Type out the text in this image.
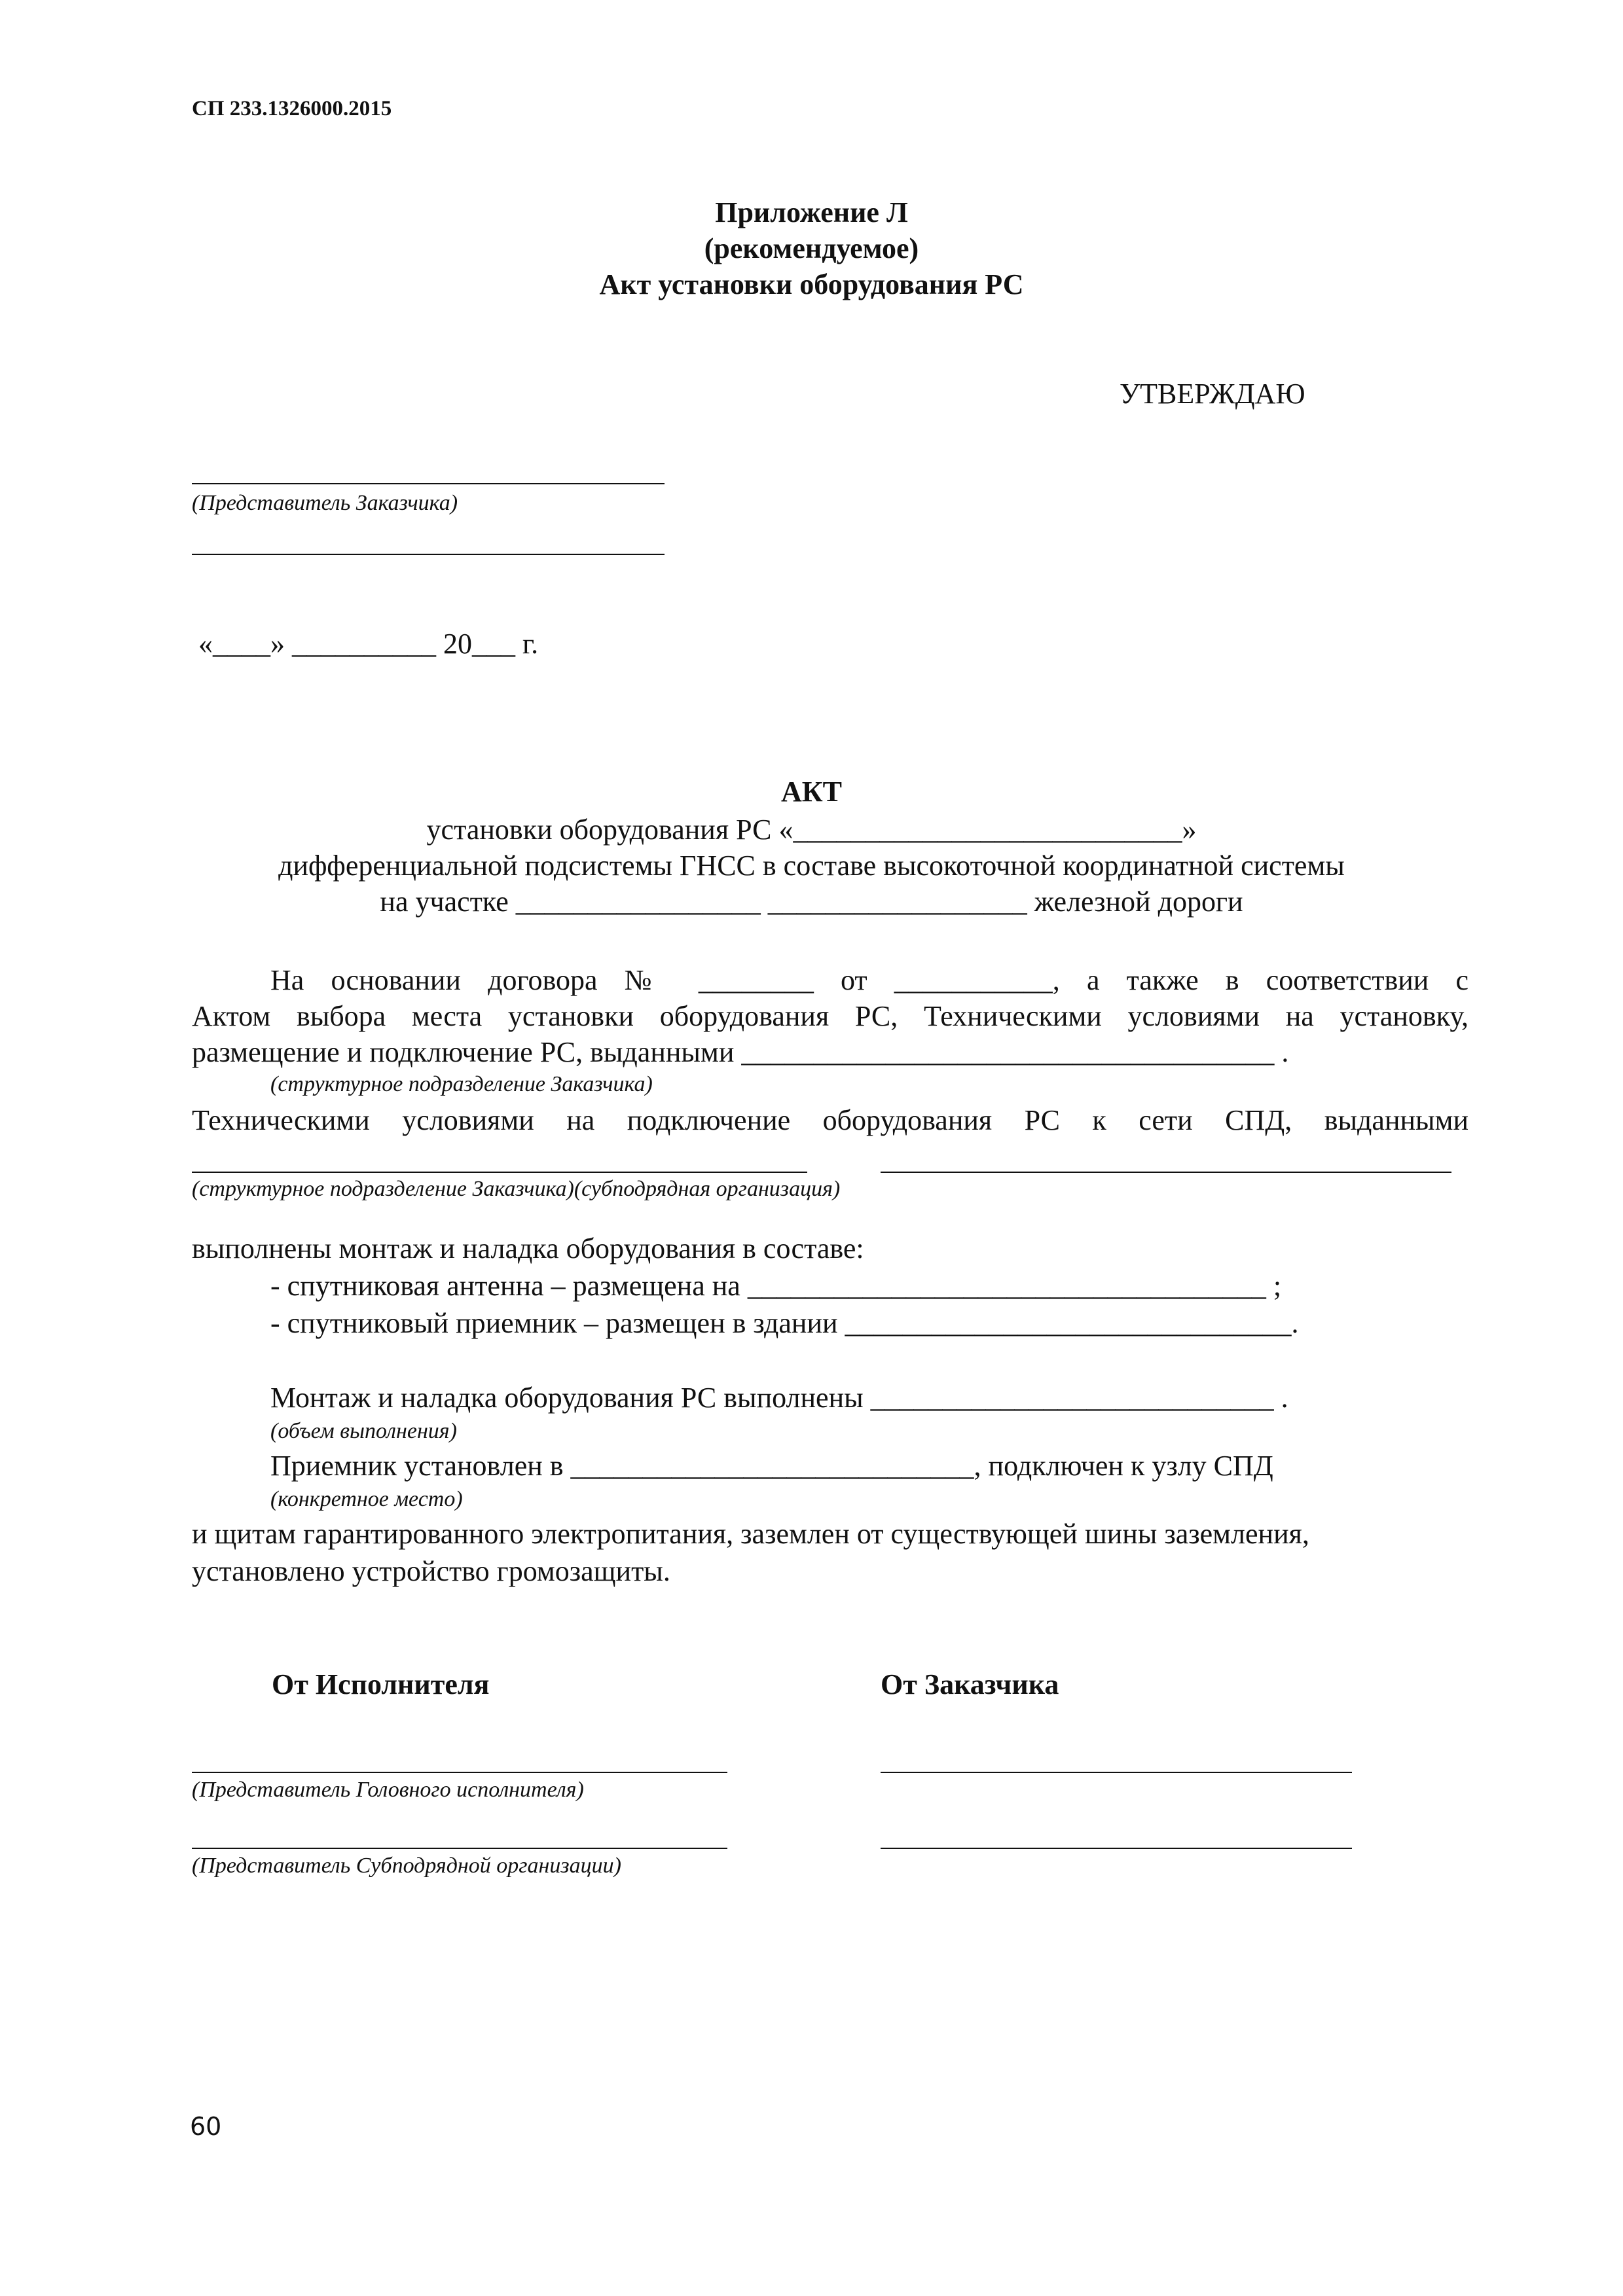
СП 233.1326000.2015
Приложение Л
(рекомендуемое)
Акт установки оборудования РС
УТВЕРЖДАЮ
(Представитель Заказчика)
«____» __________ 20___ г.
АКТ
установки оборудования РС «___________________________»
дифференциальной подсистемы ГНСС в составе высокоточной координатной системы
на участке _________________ __________________ железной дороги
На основании договора № ________ от ___________, а также в соответствии с
Актом выбора места установки оборудования РС, Техническими условиями на установку,
размещение и подключение РС, выданными _____________________________________ .
(структурное подразделение Заказчика)
Техническими условиями на подключение оборудования РС к сети СПД, выданными
(структурное подразделение Заказчика)(субподрядная организация)
выполнены монтаж и наладка оборудования в составе:
- спутниковая антенна – размещена на ____________________________________ ;
- спутниковый приемник – размещен в здании _______________________________.
Монтаж и наладка оборудования РС выполнены ____________________________ .
(объем выполнения)
Приемник установлен в ____________________________, подключен к узлу СПД
(конкретное место)
и щитам гарантированного электропитания, заземлен от существующей шины заземления,
установлено устройство громозащиты.
От Исполнителя	От Заказчика
(Представитель Головного исполнителя)
(Представитель Субподрядной организации)
60
